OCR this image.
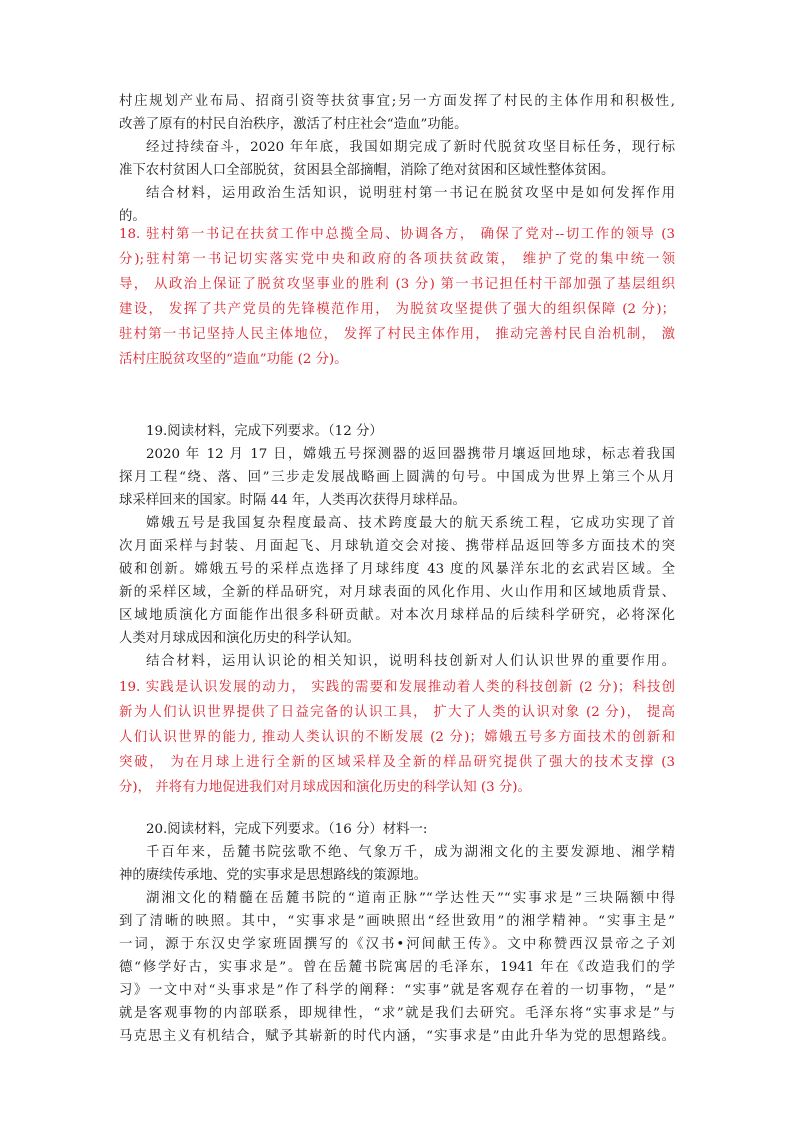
村庄规划产业布局、招商引资等扶贫事宜;另一方面发挥了村民的主体作用和积极性,
改善了原有的村民自治秩序，激活了村庄社会“造血”功能。
经过持续奋斗，2020 年年底，我国如期完成了新时代脱贫攻坚目标任务，现行标
准下农村贫困人口全部脱贫，贫困县全部摘帽，消除了绝对贫困和区域性整体贫困。
结合材料，运用政治生活知识，说明驻村第一书记在脱贫攻坚中是如何发挥作用
的。
18. 驻村第一书记在扶贫工作中总揽全局、协调各方， 确保了党对--切工作的领导 (3
分);驻村第一书记切实落实党中央和政府的各项扶贫政策， 维护了党的集中统一领
导， 从政治上保证了脱贫攻坚事业的胜利 (3 分) 第一书记担任村干部加强了基层组织
建设， 发挥了共产党员的先锋模范作用， 为脱贫攻坚提供了强大的组织保障 (2 分)；
驻村第一书记坚持人民主体地位， 发挥了村民主体作用， 推动完善村民自治机制， 激
活村庄脱贫攻坚的“造血”功能 (2 分)。
19.阅读材料，完成下列要求。（12 分）
2020 年 12 月 17 日，嫦娥五号探测器的返回器携带月壤返回地球，标志着我国
探月工程“绕、落、回”三步走发展战略画上圆满的句号。中国成为世界上第三个从月
球采样回来的国家。时隔 44 年，人类再次获得月球样品。
嫦娥五号是我国复杂程度最高、技术跨度最大的航天系统工程，它成功实现了首
次月面采样与封装、月面起飞、月球轨道交会对接、携带样品返回等多方面技术的突
破和创新。嫦娥五号的采样点选择了月球纬度 43 度的风暴洋东北的玄武岩区域。全
新的采样区域，全新的样品研究，对月球表面的风化作用、火山作用和区域地质背景、
区域地质演化方面能作出很多科研贡献。对本次月球样品的后续科学研究，必将深化
人类对月球成因和演化历史的科学认知。
结合材料，运用认识论的相关知识，说明科技创新对人们认识世界的重要作用。
19. 实践是认识发展的动力， 实践的需要和发展推动着人类的科技创新 (2 分)；科技创
新为人们认识世界提供了日益完备的认识工具， 扩大了人类的认识对象 (2 分)， 提高
人们认识世界的能力, 推动人类认识的不断发展 (2 分)；嫦娥五号多方面技术的创新和
突破， 为在月球上进行全新的区域采样及全新的样品研究提供了强大的技术支撑 (3
分)， 并将有力地促进我们对月球成因和演化历史的科学认知 (3 分)。
20.阅读材料，完成下列要求。（16 分）材料一:
千百年来，岳麓书院弦歌不绝、气象万千，成为湖湘文化的主要发源地、湘学精
神的赓续传承地、党的实事求是思想路线的策源地。
湖湘文化的精髓在岳麓书院的“道南正脉”“学达性天”“实事求是”三块隔额中得
到了清晰的映照。其中，“实事求是”画映照出“经世致用”的湘学精神。“实事主是”
一词，源于东汉史学家班固撰写的《汉书•河间献王传》。文中称赞西汉景帝之子刘
德“修学好古，实事求是”。曾在岳麓书院寓居的毛泽东，1941 年在《改造我们的学
习》一文中对“头事求是”作了科学的阐释：“实事”就是客观存在着的一切事物，“是”
就是客观事物的内部联系，即规律性，“求”就是我们去研究。毛泽东将“实事求是”与
马克思主义有机结合，赋予其崭新的时代内涵，“实事求是”由此升华为党的思想路线。
